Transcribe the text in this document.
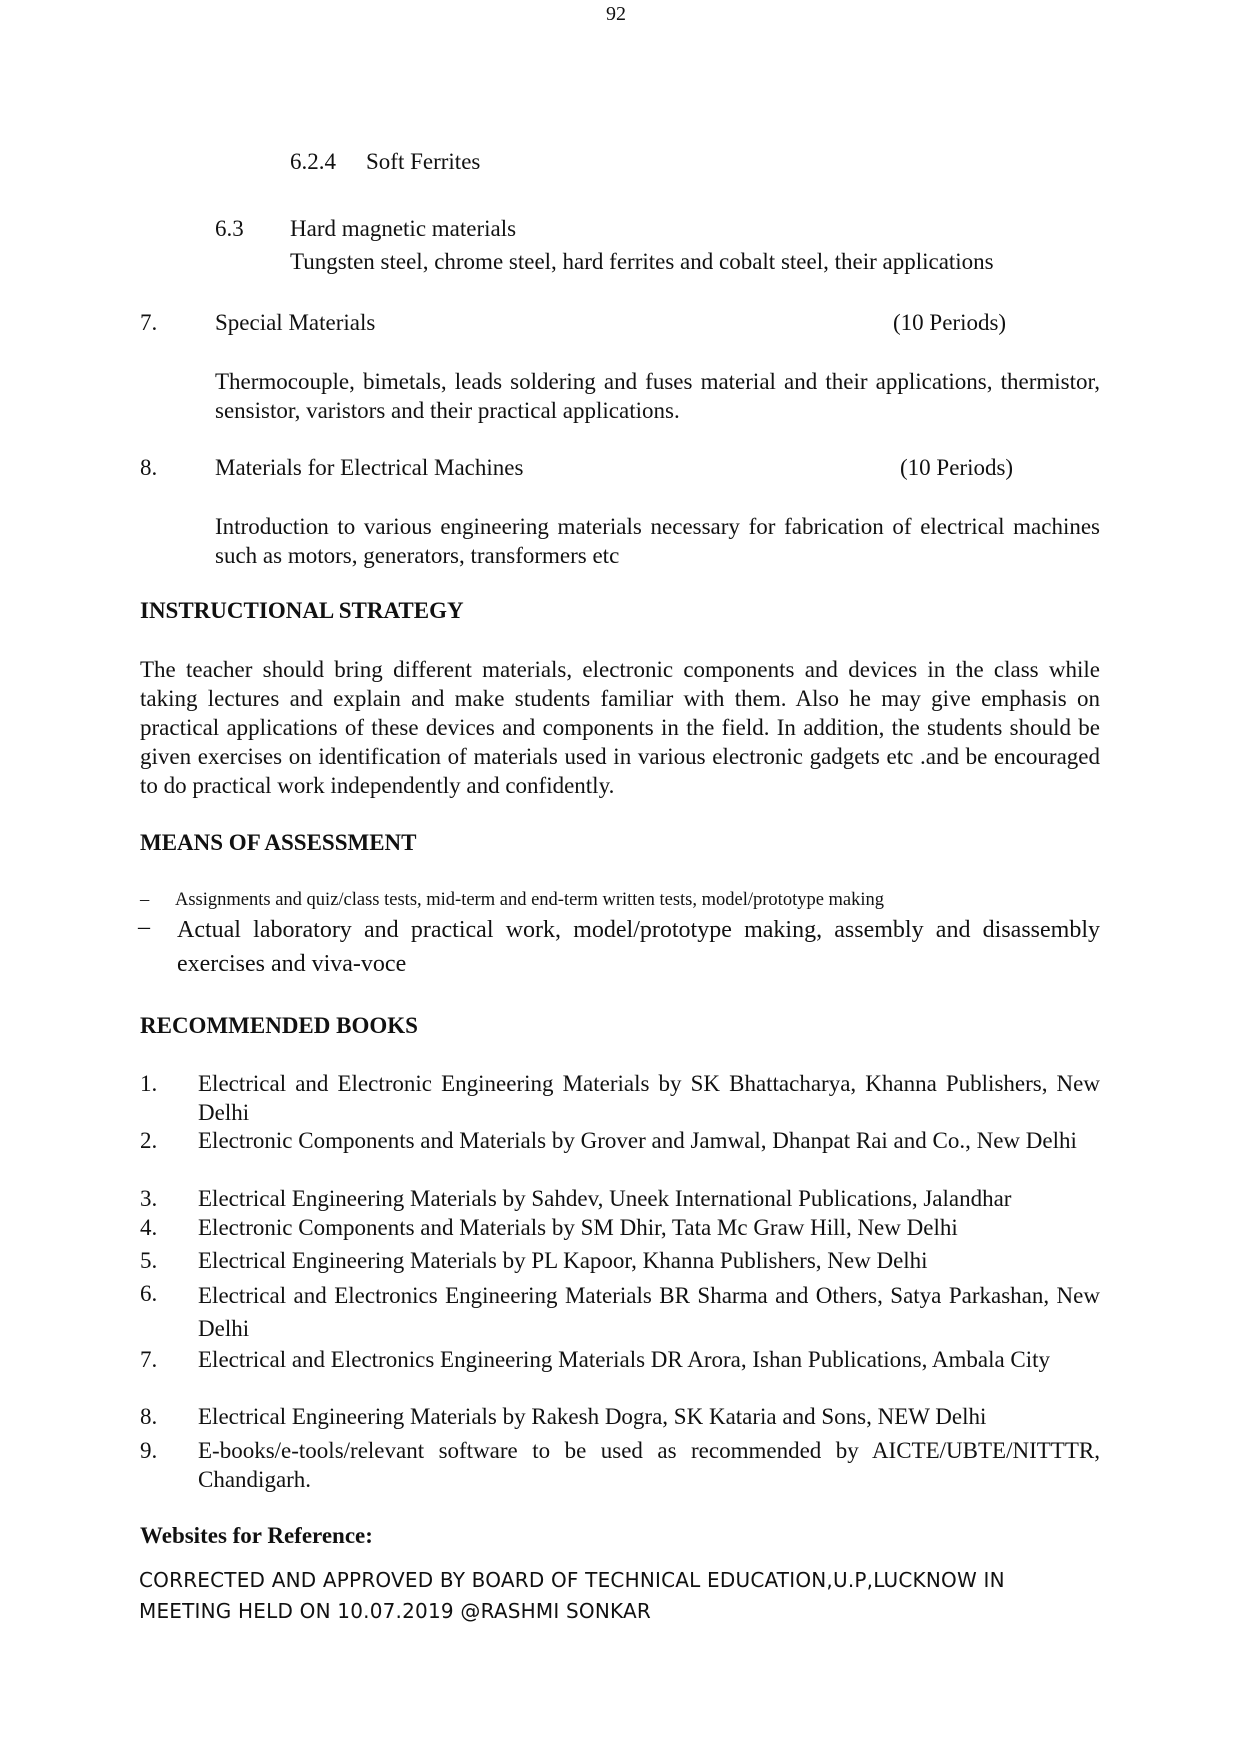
92
6.2.4 Soft Ferrites
6.3 Hard magnetic materials
Tungsten steel, chrome steel, hard ferrites and cobalt steel, their applications
7.	Special Materials	(10 Periods)
Thermocouple, bimetals, leads soldering and fuses material and their applications, thermistor, sensistor, varistors and their practical applications.
8.	Materials for Electrical Machines	(10 Periods)
Introduction to various engineering materials necessary for fabrication of electrical machines such as motors, generators, transformers etc
INSTRUCTIONAL STRATEGY
The teacher should bring different materials, electronic components and devices in the class while taking lectures and explain and make students familiar with them. Also he may give emphasis on practical applications of these devices and components in the field. In addition, the students should be given exercises on identification of materials used in various electronic gadgets etc .and be encouraged to do practical work independently and confidently.
MEANS OF ASSESSMENT
– Assignments and quiz/class tests, mid-term and end-term written tests, model/prototype making
– Actual laboratory and practical work, model/prototype making, assembly and disassembly exercises and viva-voce
RECOMMENDED BOOKS
1. Electrical and Electronic Engineering Materials by SK Bhattacharya, Khanna Publishers, New Delhi
2. Electronic Components and Materials by Grover and Jamwal, Dhanpat Rai and Co., New Delhi
3. Electrical Engineering Materials by Sahdev, Uneek International Publications, Jalandhar
4. Electronic Components and Materials by SM Dhir, Tata Mc Graw Hill, New Delhi
5. Electrical Engineering Materials by PL Kapoor, Khanna Publishers, New Delhi
6. Electrical and Electronics Engineering Materials BR Sharma and Others, Satya Parkashan, New Delhi
7. Electrical and Electronics Engineering Materials DR Arora, Ishan Publications, Ambala City
8. Electrical Engineering Materials by Rakesh Dogra, SK Kataria and Sons, NEW Delhi
9. E-books/e-tools/relevant software to be used as recommended by AICTE/UBTE/NITTTR, Chandigarh.
Websites for Reference:
CORRECTED AND APPROVED BY BOARD OF TECHNICAL EDUCATION,U.P,LUCKNOW IN
MEETING HELD ON 10.07.2019 @RASHMI SONKAR
